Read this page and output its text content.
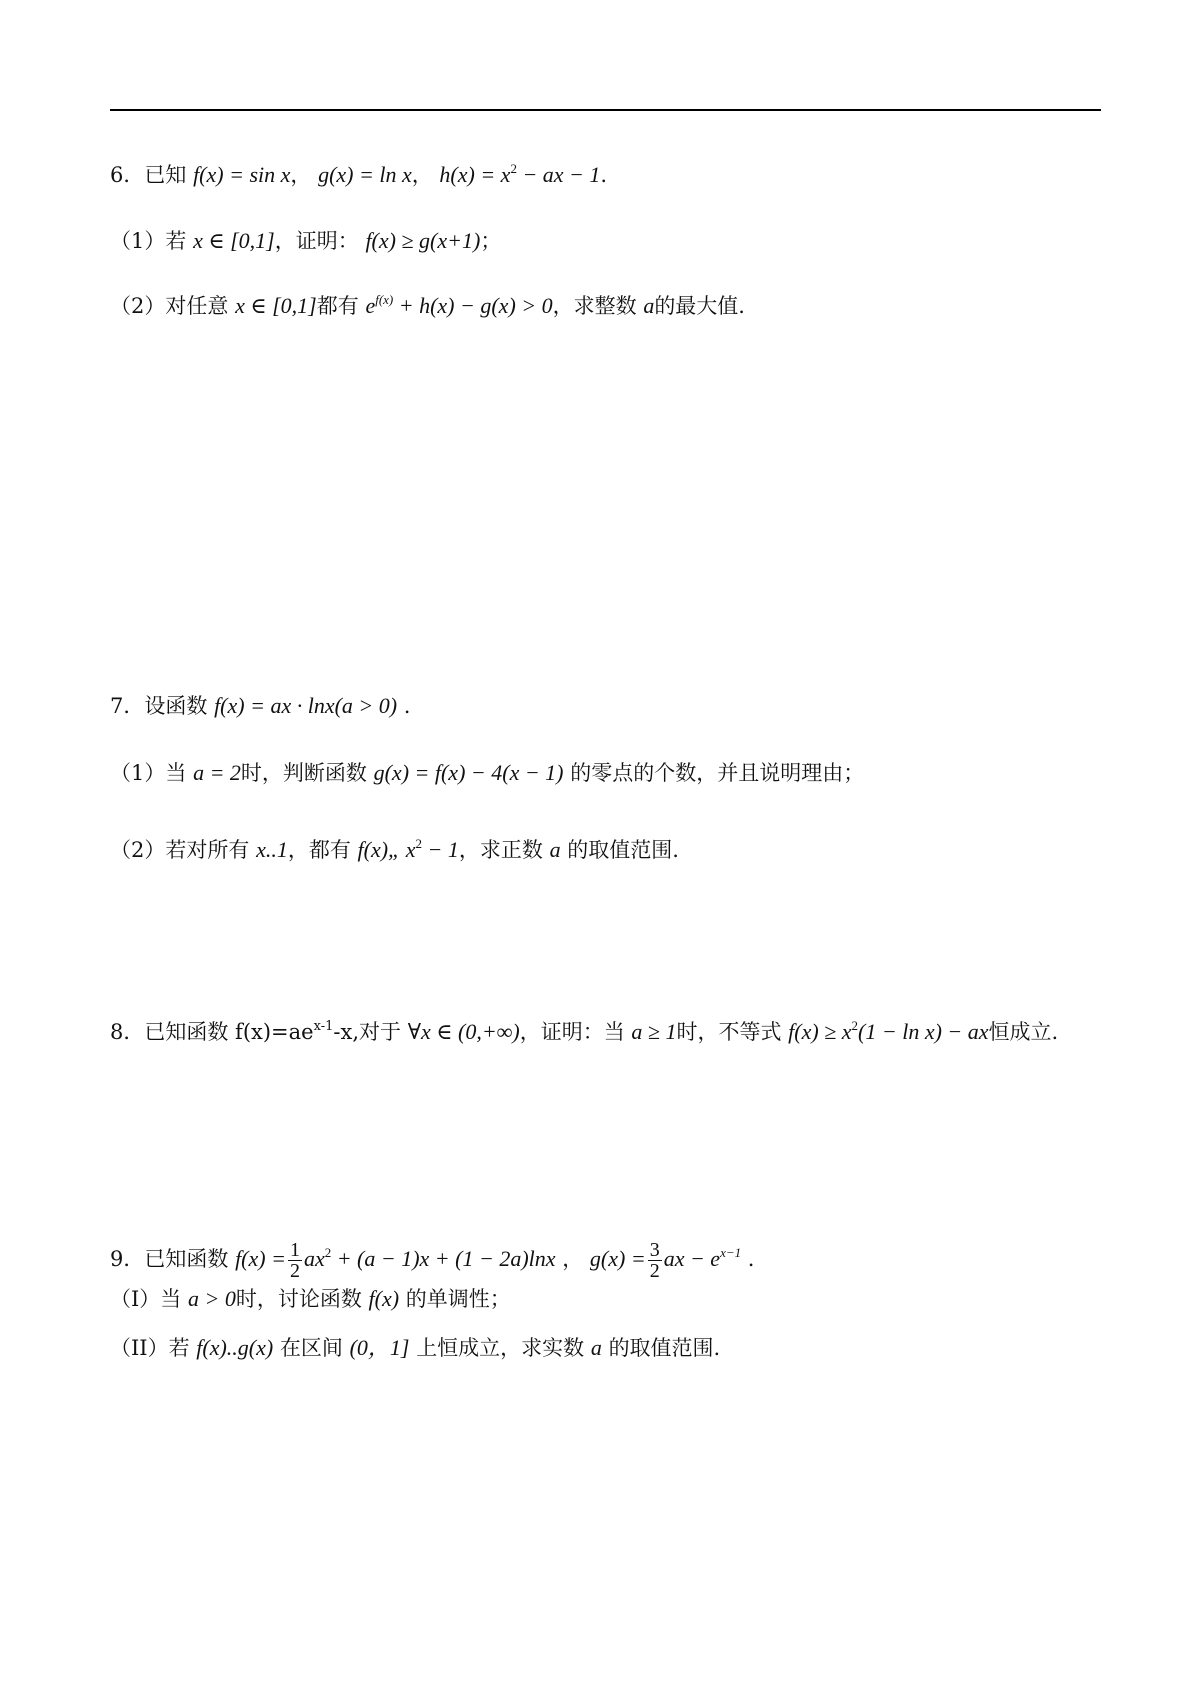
6．已知 f(x) = sin x， g(x) = ln x， $h(x) = x^2$ − ax − 1.
（1）若 x ∈ [0,1]，证明： f(x) ≥ g(x+1)；
（2）对任意 x ∈ [0,1]都有 $e^{f(x)} + h(x) - g(x) > 0$，求整数 a的最大值.
7．设函数 f(x) = ax · lnx(a > 0) .
（1）当 a = 2时，判断函数 g(x) = f(x) − 4(x − 1) 的零点的个数，并且说明理由；
（2）若对所有 x..1，都有 f(x)„ $x^2 - 1$，求正数 a 的取值范围.
8．已知函数 $f(x)=ae^{x-1}-x$,对于 ∀x ∈ (0,+∞)，证明：当 a ≥ 1时，不等式 $f(x) \ge x^2(1 - \ln x)$ − ax恒成立.
9．已知函数 $f(x) = \frac{1}{2} ax^2 + (a - 1)x + (1 - 2a)\ln x$ ， $g(x) = \frac{3}{2}$ ax − $e^{x-1}$ .
（I）当 a > 0时，讨论函数 f(x) 的单调性；
（II）若 f(x)..g(x) 在区间 (0，1] 上恒成立，求实数 a 的取值范围.
